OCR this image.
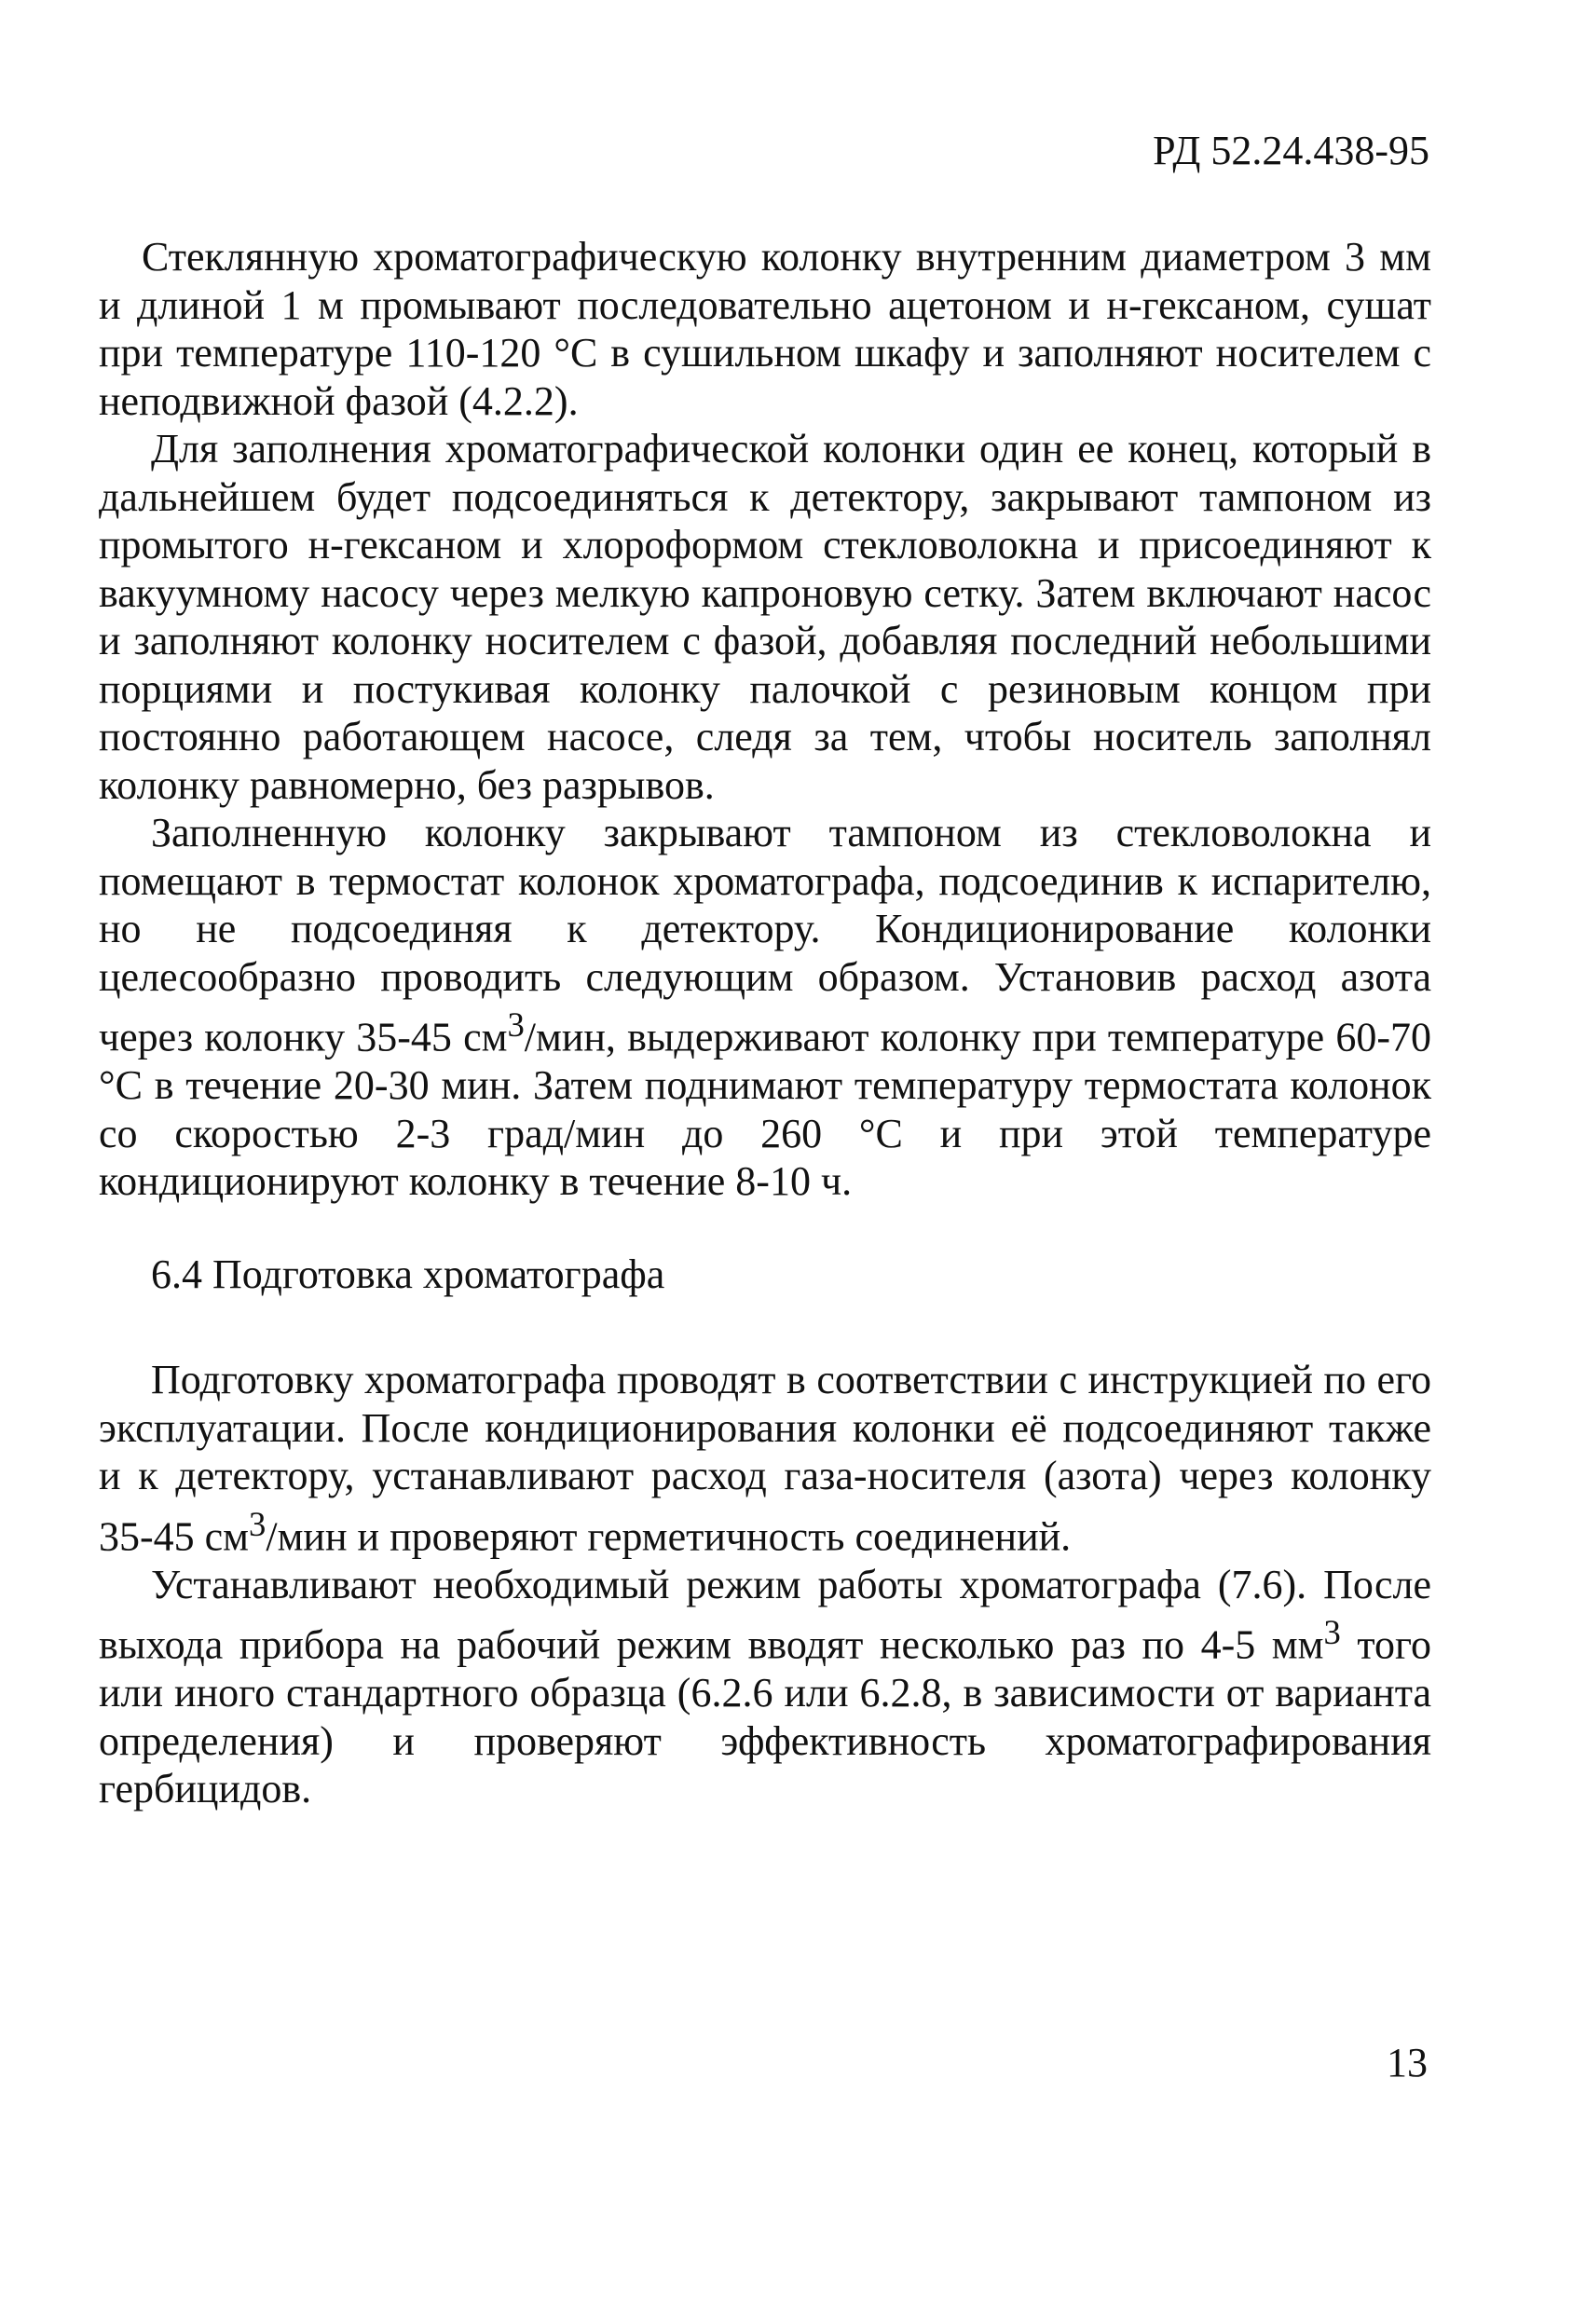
РД 52.24.438-95

Стеклянную хроматографическую колонку внутренним диаметром 3 мм и длиной 1 м промывают последовательно ацетоном и н-гексаном, сушат при температуре 110-120 °С в сушильном шкафу и заполняют носителем с неподвижной фазой (4.2.2).

Для заполнения хроматографической колонки один ее конец, который в дальнейшем будет подсоединяться к детектору, закрывают тампоном из промытого н-гексаном и хлороформом стекловолокна и присоединяют к вакуумному насосу через мелкую капроновую сетку. Затем включают насос и заполняют колонку носителем с фазой, добавляя последний небольшими порциями и постукивая колонку палочкой с резиновым концом при постоянно работающем насосе, следя за тем, чтобы носитель заполнял колонку равномерно, без разрывов.

Заполненную колонку закрывают тампоном из стекловолокна и помещают в термостат колонок хроматографа, подсоединив к испарителю, но не подсоединяя к детектору. Кондиционирование колонки целесообразно проводить следующим образом. Установив расход азота через колонку 35-45 $см^3$/мин, выдерживают колонку при температуре 60-70 °С в течение 20-30 мин. Затем поднимают температуру термостата колонок со скоростью 2-3 град/мин до 260 °С и при этой температуре кондиционируют колонку в течение 8-10 ч.

6.4 Подготовка хроматографа

Подготовку хроматографа проводят в соответствии с инструкцией по его эксплуатации. После кондиционирования колонки её подсоединяют также и к детектору, устанавливают расход газа-носителя (азота) через колонку 35-45 $см^3$/мин и проверяют герметичность соединений.

Устанавливают необходимый режим работы хроматографа (7.6). После выхода прибора на рабочий режим вводят несколько раз по 4-5 $мм^3$ того или иного стандартного образца (6.2.6 или 6.2.8, в зависимости от варианта определения) и проверяют эффективность хроматографирования гербицидов.

13
